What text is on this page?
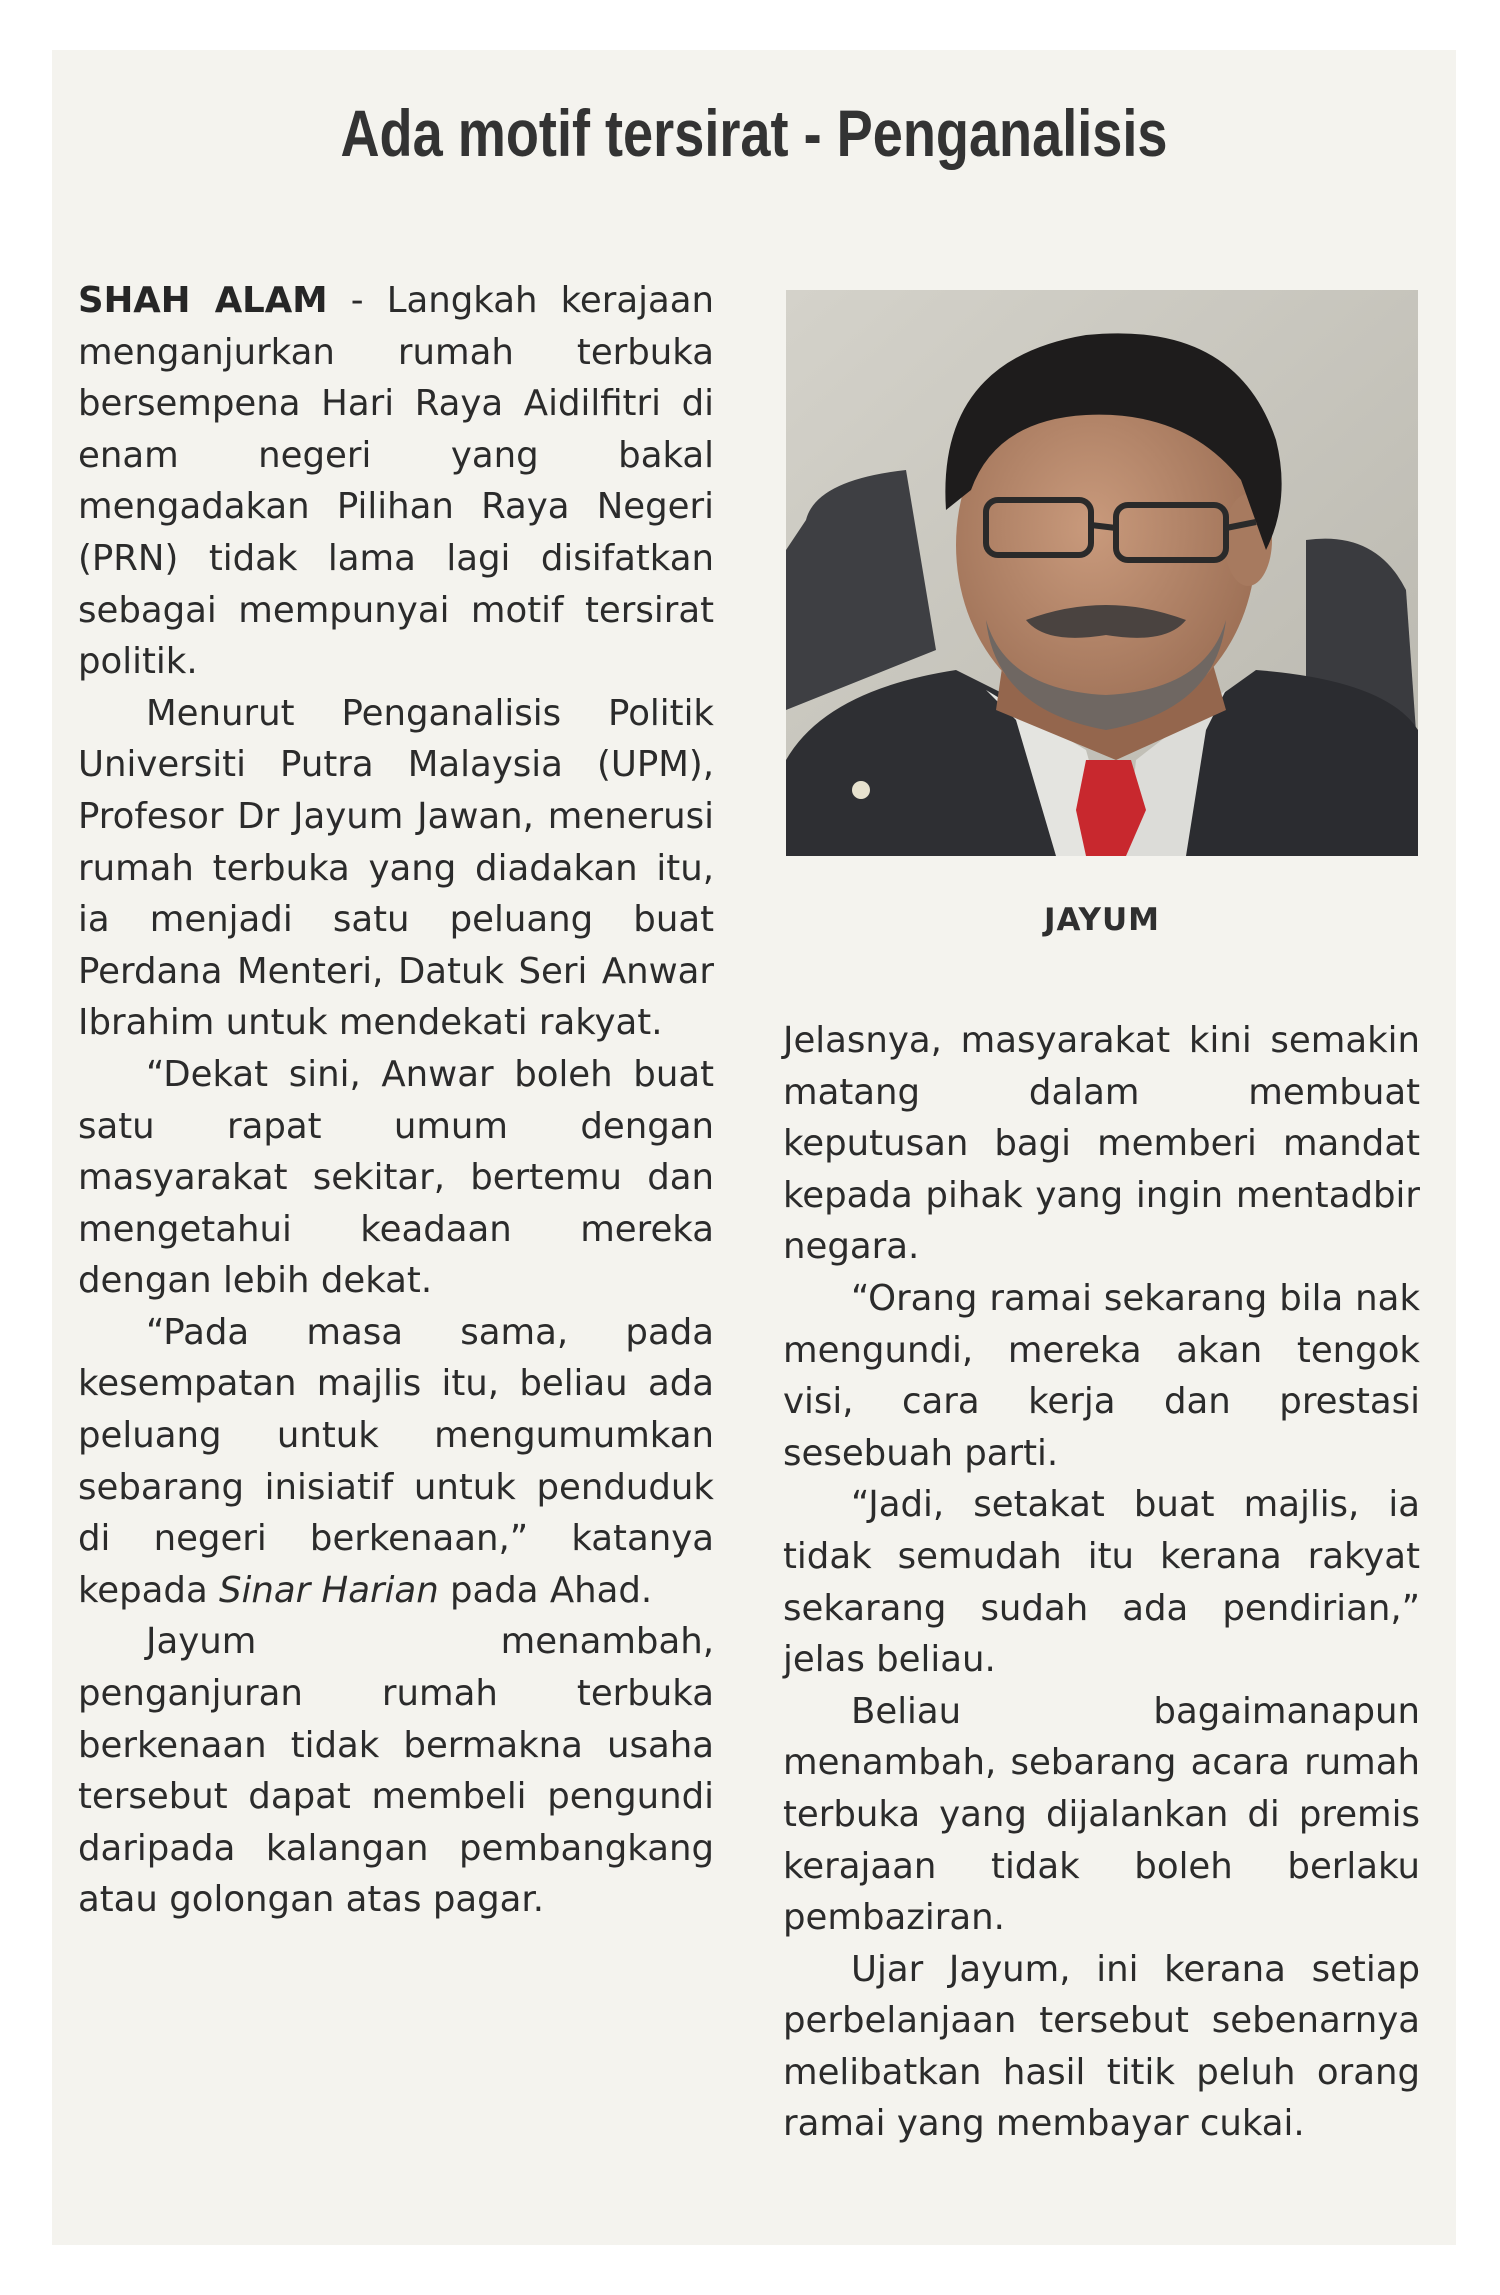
Ada motif tersirat - Penganalisis

SHAH ALAM - Langkah kerajaan menganjurkan rumah terbuka bersempena Hari Raya Aidilfitri di enam negeri yang bakal mengadakan Pilihan Raya Negeri (PRN) tidak lama lagi disifatkan sebagai mempunyai motif tersirat politik.

Menurut Penganalisis Politik Universiti Putra Malaysia (UPM), Profesor Dr Jayum Jawan, menerusi rumah terbuka yang diadakan itu, ia menjadi satu peluang buat Perdana Menteri, Datuk Seri Anwar Ibrahim untuk mendekati rakyat.

“Dekat sini, Anwar boleh buat satu rapat umum dengan masyarakat sekitar, bertemu dan mengetahui keadaan mereka dengan lebih dekat.

“Pada masa sama, pada kesempatan majlis itu, beliau ada peluang untuk mengumumkan sebarang inisiatif untuk penduduk di negeri berkenaan,” katanya kepada Sinar Harian pada Ahad.

Jayum menambah, penganjuran rumah terbuka berkenaan tidak bermakna usaha tersebut dapat membeli pengundi daripada kalangan pembangkang atau golongan atas pagar.

JAYUM

Jelasnya, masyarakat kini semakin matang dalam membuat keputusan bagi memberi mandat kepada pihak yang ingin mentadbir negara.

“Orang ramai sekarang bila nak mengundi, mereka akan tengok visi, cara kerja dan prestasi sesebuah parti.

“Jadi, setakat buat majlis, ia tidak semudah itu kerana rakyat sekarang sudah ada pendirian,” jelas beliau.

Beliau bagaimanapun menambah, sebarang acara rumah terbuka yang dijalankan di premis kerajaan tidak boleh berlaku pembaziran.

Ujar Jayum, ini kerana setiap perbelanjaan tersebut sebenarnya melibatkan hasil titik peluh orang ramai yang membayar cukai.
